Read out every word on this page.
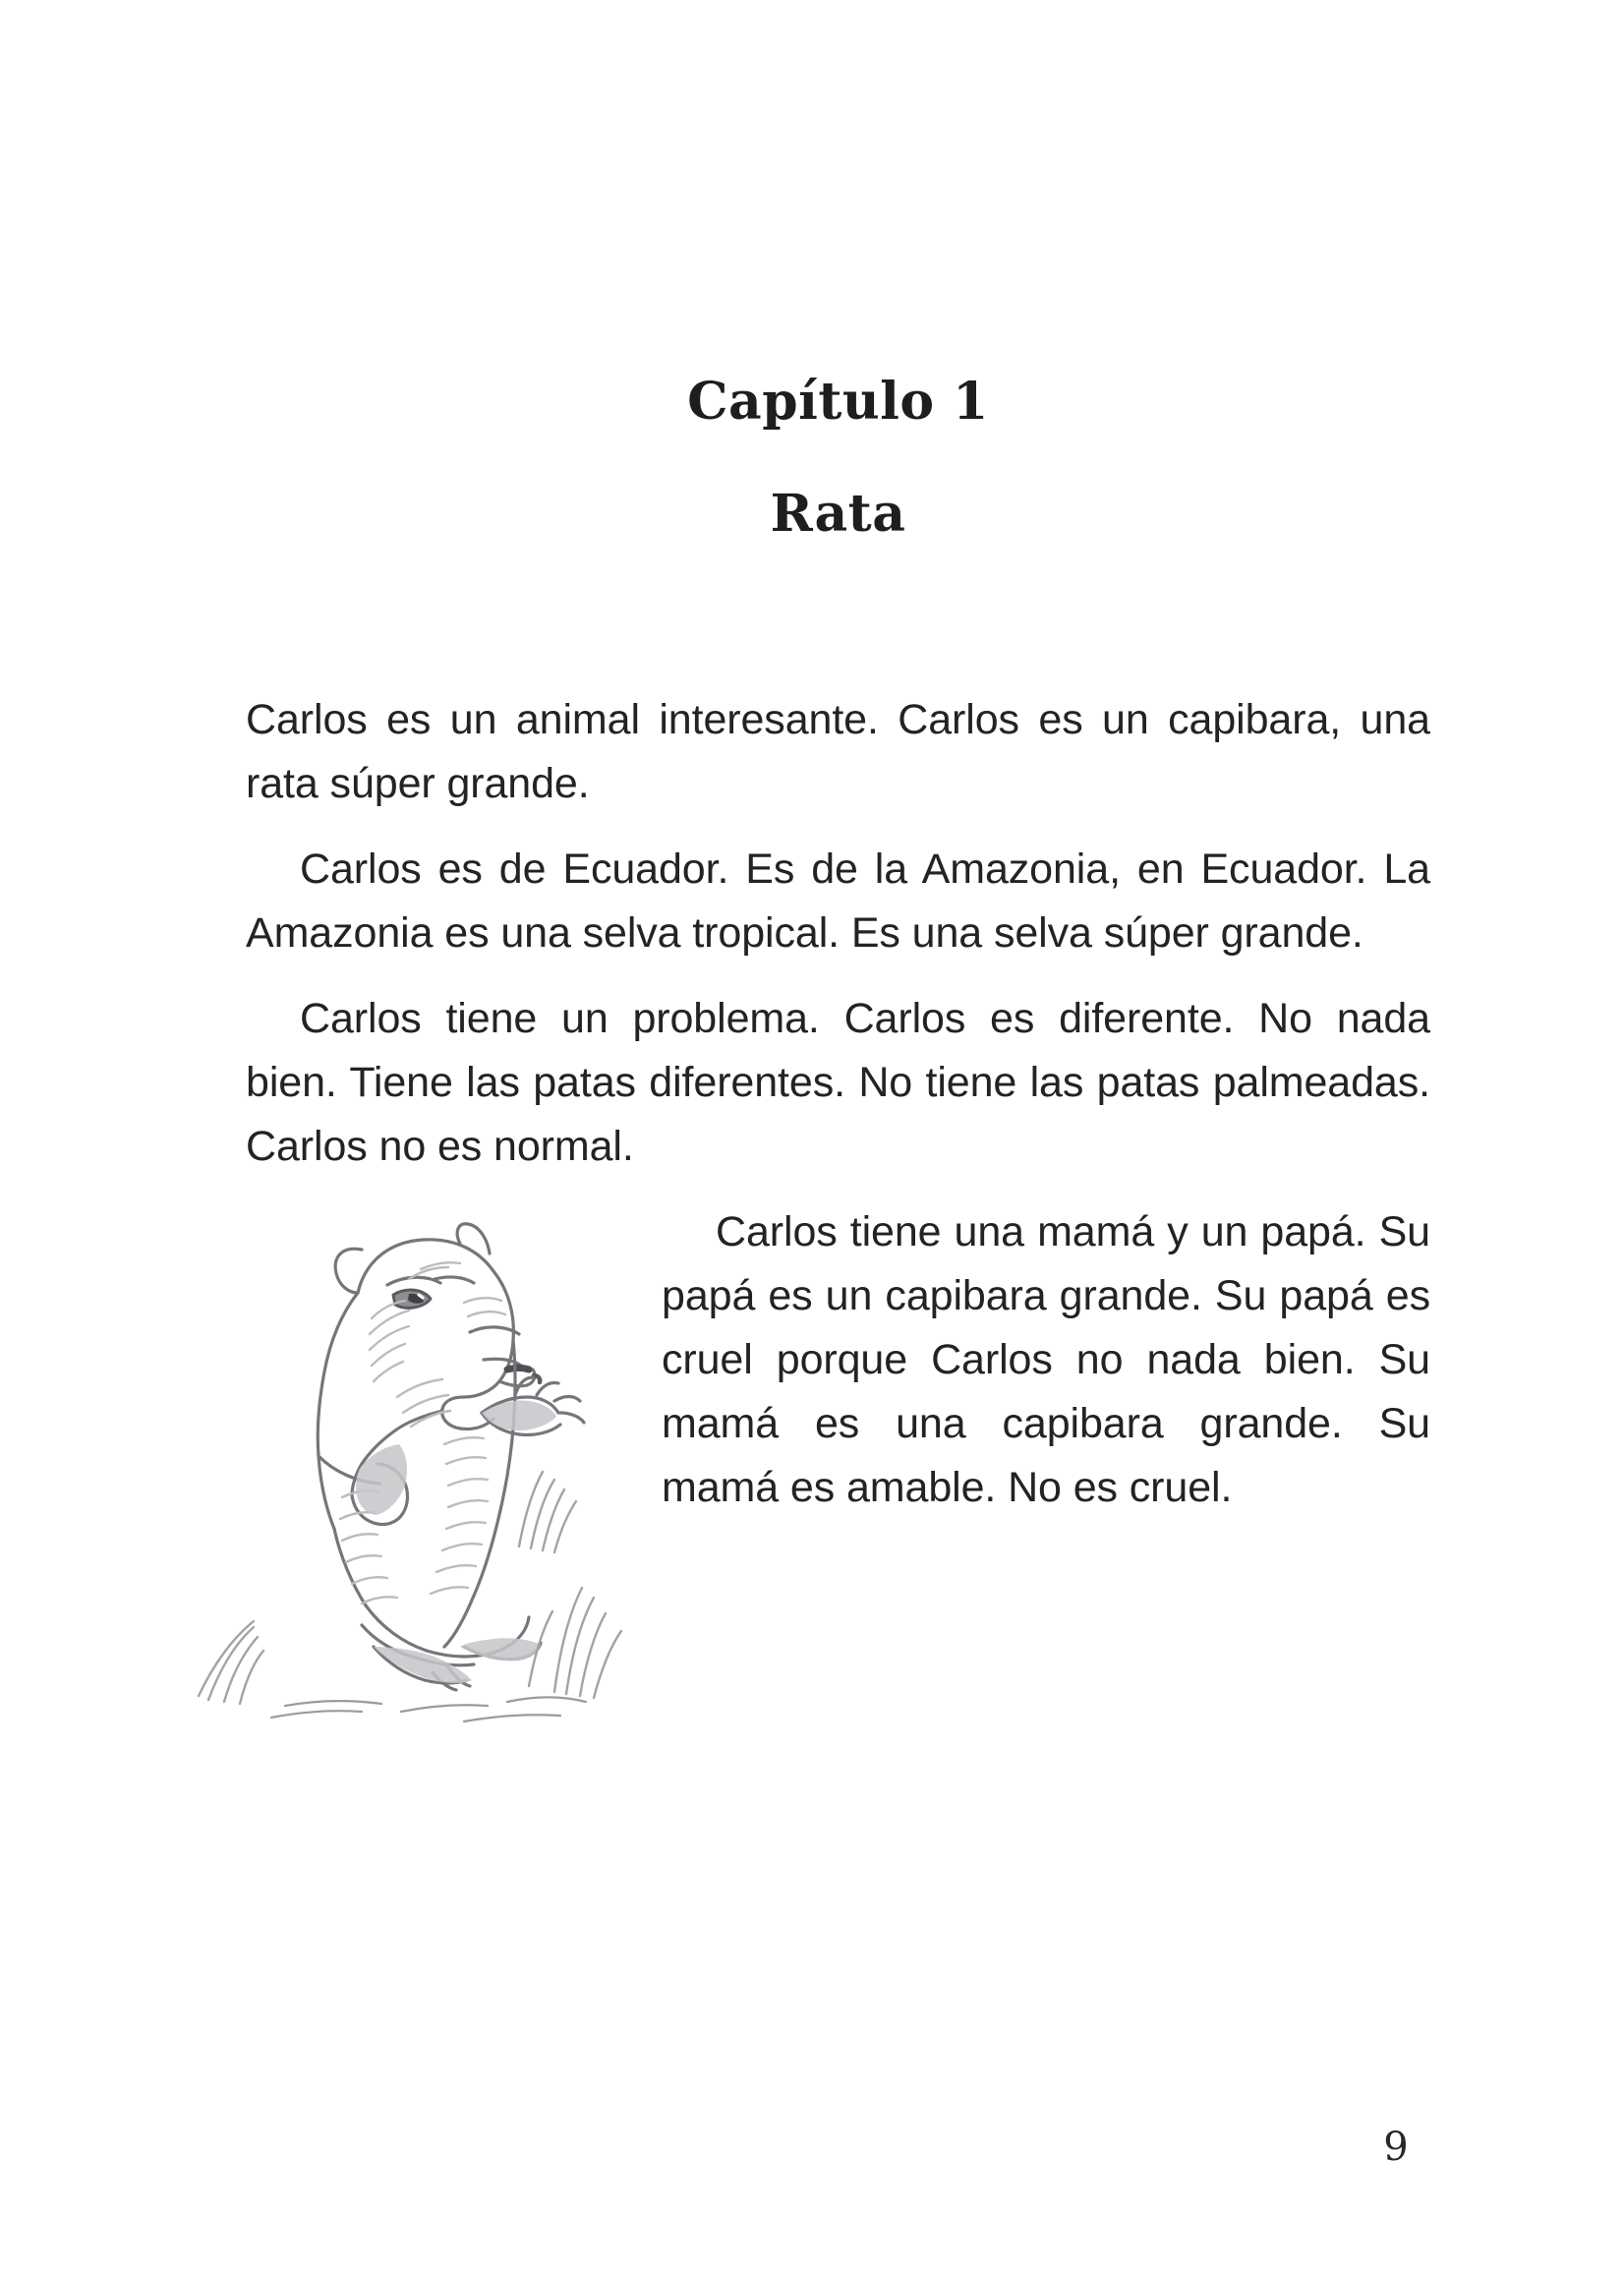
Capítulo 1
Rata

Carlos es un animal interesante. Carlos es un capibara, una rata súper grande.

Carlos es de Ecuador. Es de la Amazonia, en Ecuador. La Amazonia es una selva tropical. Es una selva súper grande.

Carlos tiene un problema. Carlos es diferente. No nada bien. Tiene las patas diferentes. No tiene las patas palmeadas. Carlos no es normal.

Carlos tiene una mamá y un papá. Su papá es un capibara grande. Su papá es cruel porque Carlos no nada bien. Su mamá es una capibara grande. Su mamá es amable. No es cruel.

9
